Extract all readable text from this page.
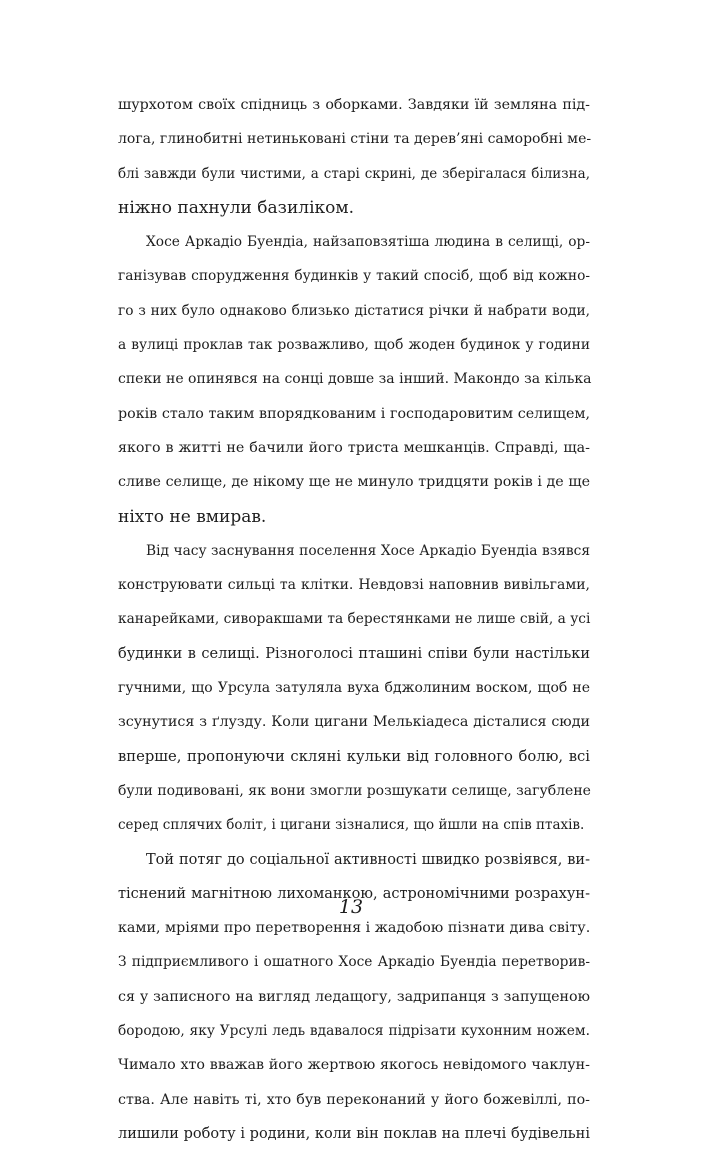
шурхотом своїх спідниць з оборками. Завдяки їй земляна під-
лога, глинобитні нетиньковані стіни та дерев’яні саморобні ме-
блі завжди були чистими, а старі скрині, де зберігалася білизна,
ніжно пахнули базиліком.
Хосе Аркадіо Буендіа, найзаповзятіша людина в селищі, ор-
ганізував спорудження будинків у такий спосіб, щоб від кожно-
го з них було однаково близько дістатися річки й набрати води,
а вулиці проклав так розважливо, щоб жоден будинок у години
спеки не опинявся на сонці довше за інший. Макондо за кілька
років стало таким впорядкованим і господаровитим селищем,
якого в житті не бачили його триста мешканців. Справді, ща-
сливе селище, де нікому ще не минуло тридцяти років і де ще
ніхто не вмирав.
Від часу заснування поселення Хосе Аркадіо Буендіа взявся
конструювати сильці та клітки. Невдовзі наповнив вивільгами,
канарейками, сиворакшами та берестянками не лише свій, а усі
будинки в селищі. Різноголосі пташині співи були настільки
гучними, що Урсула затуляла вуха бджолиним воском, щоб не
зсунутися з ґлузду. Коли цигани Мелькіадеса дісталися сюди
вперше, пропонуючи скляні кульки від головного болю, всі
були подивовані, як вони змогли розшукати селище, загублене
серед сплячих боліт, і цигани зізналися, що йшли на спів птахів.
Той потяг до соціальної активності швидко розвіявся, ви-
тіснений магнітною лихоманкою, астрономічними розрахун-
ками, мріями про перетворення і жадобою пізнати дива світу.
З підприємливого і ошатного Хосе Аркадіо Буендіа перетворив-
ся у записного на вигляд ледащогу, задрипанця з запущеною
бородою, яку Урсулі ледь вдавалося підрізати кухонним ножем.
Чимало хто вважав його жертвою якогось невідомого чаклун-
ства. Але навіть ті, хто був переконаний у його божевіллі, по-
лишили роботу і родини, коли він поклав на плечі будівельні
13
